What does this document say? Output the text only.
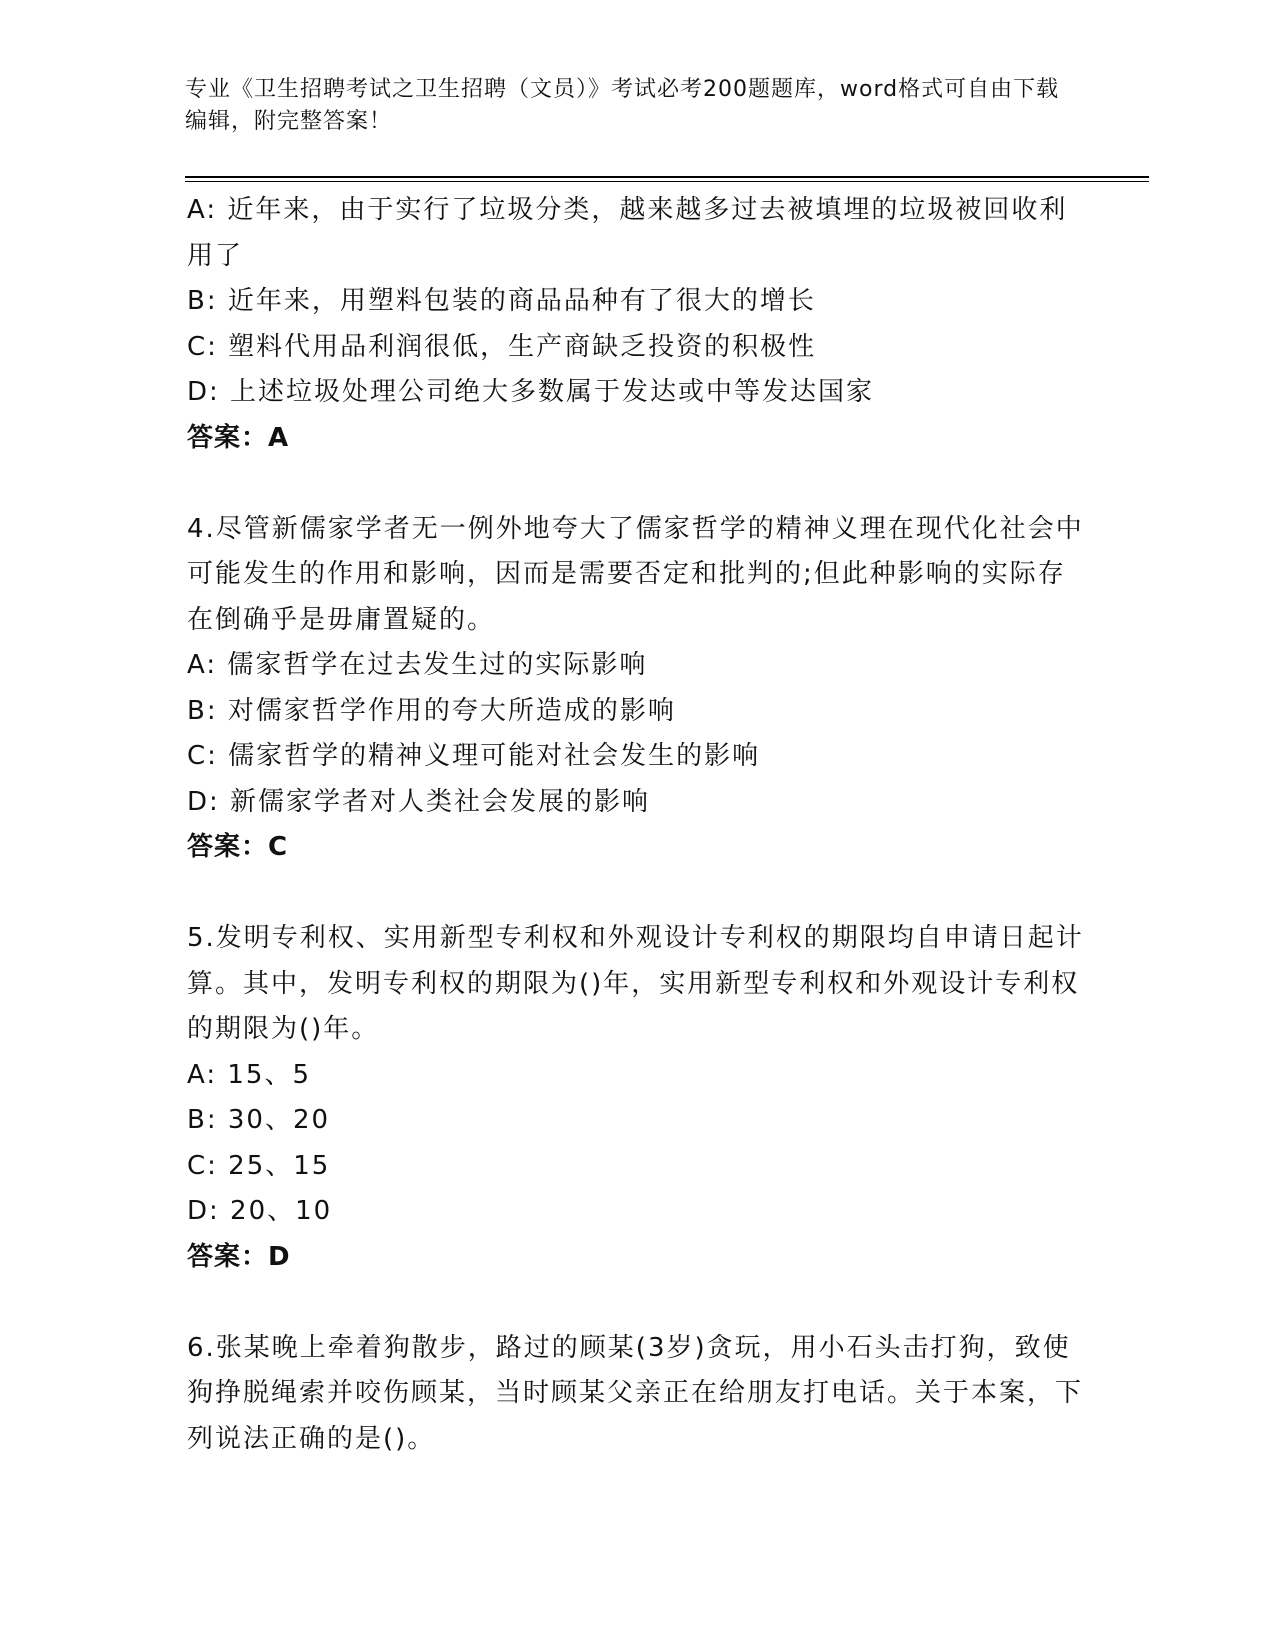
专业《卫生招聘考试之卫生招聘（文员）》考试必考200题题库，word格式可自由下载编辑，附完整答案！

A: 近年来，由于实行了垃圾分类，越来越多过去被填埋的垃圾被回收利用了

B: 近年来，用塑料包装的商品品种有了很大的增长

C: 塑料代用品利润很低，生产商缺乏投资的积极性

D: 上述垃圾处理公司绝大多数属于发达或中等发达国家

答案：A

4.尽管新儒家学者无一例外地夸大了儒家哲学的精神义理在现代化社会中可能发生的作用和影响，因而是需要否定和批判的;但此种影响的实际存在倒确乎是毋庸置疑的。

A: 儒家哲学在过去发生过的实际影响

B: 对儒家哲学作用的夸大所造成的影响

C: 儒家哲学的精神义理可能对社会发生的影响

D: 新儒家学者对人类社会发展的影响

答案：C

5.发明专利权、实用新型专利权和外观设计专利权的期限均自申请日起计算。其中，发明专利权的期限为()年，实用新型专利权和外观设计专利权的期限为()年。

A: 15、5

B: 30、20

C: 25、15

D: 20、10

答案：D

6.张某晚上牵着狗散步，路过的顾某(3岁)贪玩，用小石头击打狗，致使狗挣脱绳索并咬伤顾某，当时顾某父亲正在给朋友打电话。关于本案，下列说法正确的是()。
